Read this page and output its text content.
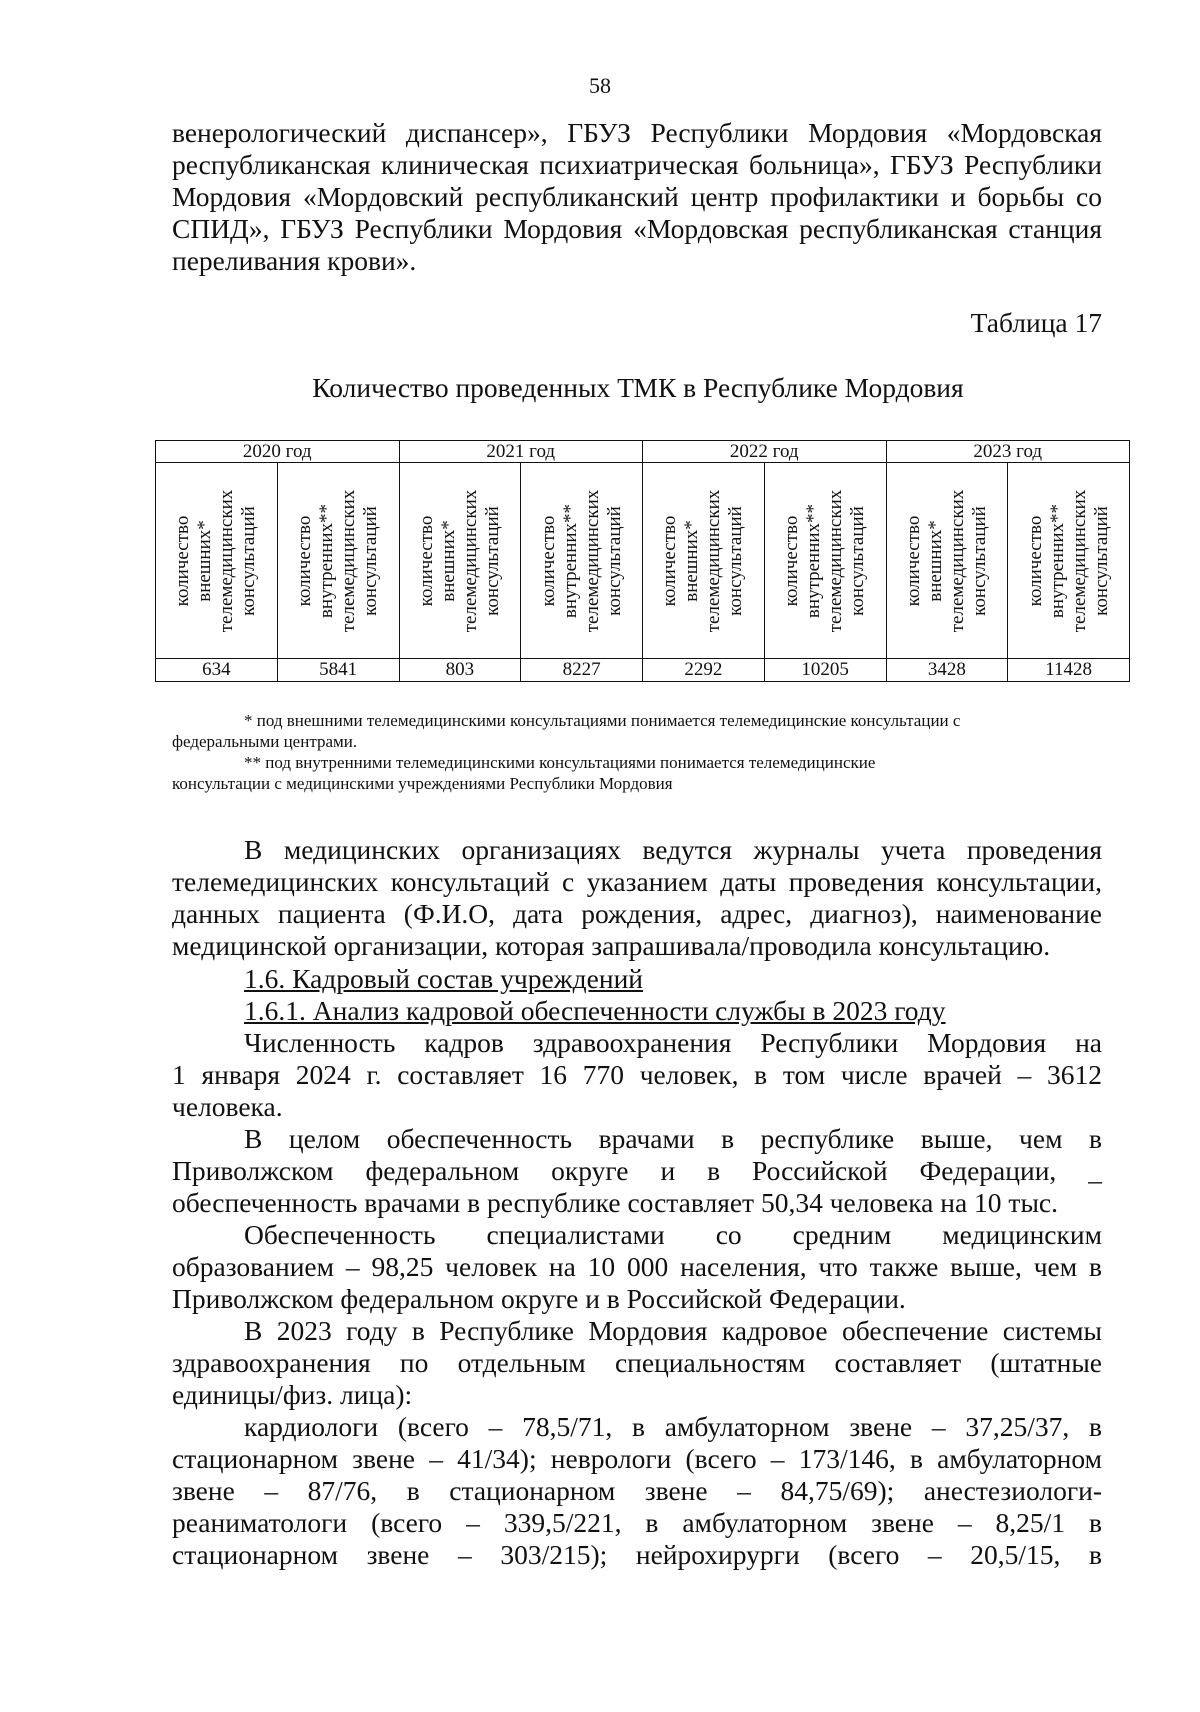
58
венерологический диспансер», ГБУЗ Республики Мордовия «Мордовская
республиканская клиническая психиатрическая больница», ГБУЗ Республики
Мордовия «Мордовский республиканский центр профилактики и борьбы со
СПИД», ГБУЗ Республики Мордовия «Мордовская республиканская станция
переливания крови».
Таблица 17
Количество проведенных ТМК в Республике Мордовия
2020 год		2021 год		2022 год		2023 год	

количество внешних* телемедицинских консультаций	количество внутренних** телемедицинских консультаций	количество внешних* телемедицинских консультаций	количество внутренних** телемедицинских консультаций	количество внешних* телемедицинских консультаций	количество внутренних** телемедицинских консультаций	количество внешних* телемедицинских консультаций	количество внутренних** телемедицинских консультаций

634	5841	803	8227	2292	10205	3428	11428
* под внешними телемедицинскими консультациями понимается телемедицинские консультации с
федеральными центрами.
** под внутренними телемедицинскими консультациями понимается телемедицинские
консультации с медицинскими учреждениями Республики Мордовия
В медицинских организациях ведутся журналы учета проведения
телемедицинских консультаций с указанием даты проведения консультации,
данных пациента (Ф.И.О, дата рождения, адрес, диагноз), наименование
медицинской организации, которая запрашивала/проводила консультацию.
1.6. Кадровый состав учреждений
1.6.1. Анализ кадровой обеспеченности службы в 2023 году
Численность кадров здравоохранения Республики Мордовия на
1 января 2024 г. составляет 16 770 человек, в том числе врачей – 3612
человека.
В целом обеспеченность врачами в республике выше, чем в
Приволжском федеральном округе и в Российской Федерации, _
обеспеченность врачами в республике составляет 50,34 человека на 10 тыс.
Обеспеченность специалистами со средним медицинским
образованием – 98,25 человек на 10 000 населения, что также выше, чем в
Приволжском федеральном округе и в Российской Федерации.
В 2023 году в Республике Мордовия кадровое обеспечение системы
здравоохранения по отдельным специальностям составляет (штатные
единицы/физ. лица):
кардиологи (всего – 78,5/71, в амбулаторном звене – 37,25/37, в
стационарном звене – 41/34); неврологи (всего – 173/146, в амбулаторном
звене – 87/76, в стационарном звене – 84,75/69); анестезиологи-
реаниматологи (всего – 339,5/221, в амбулаторном звене – 8,25/1 в
стационарном звене – 303/215); нейрохирурги (всего – 20,5/15, в
